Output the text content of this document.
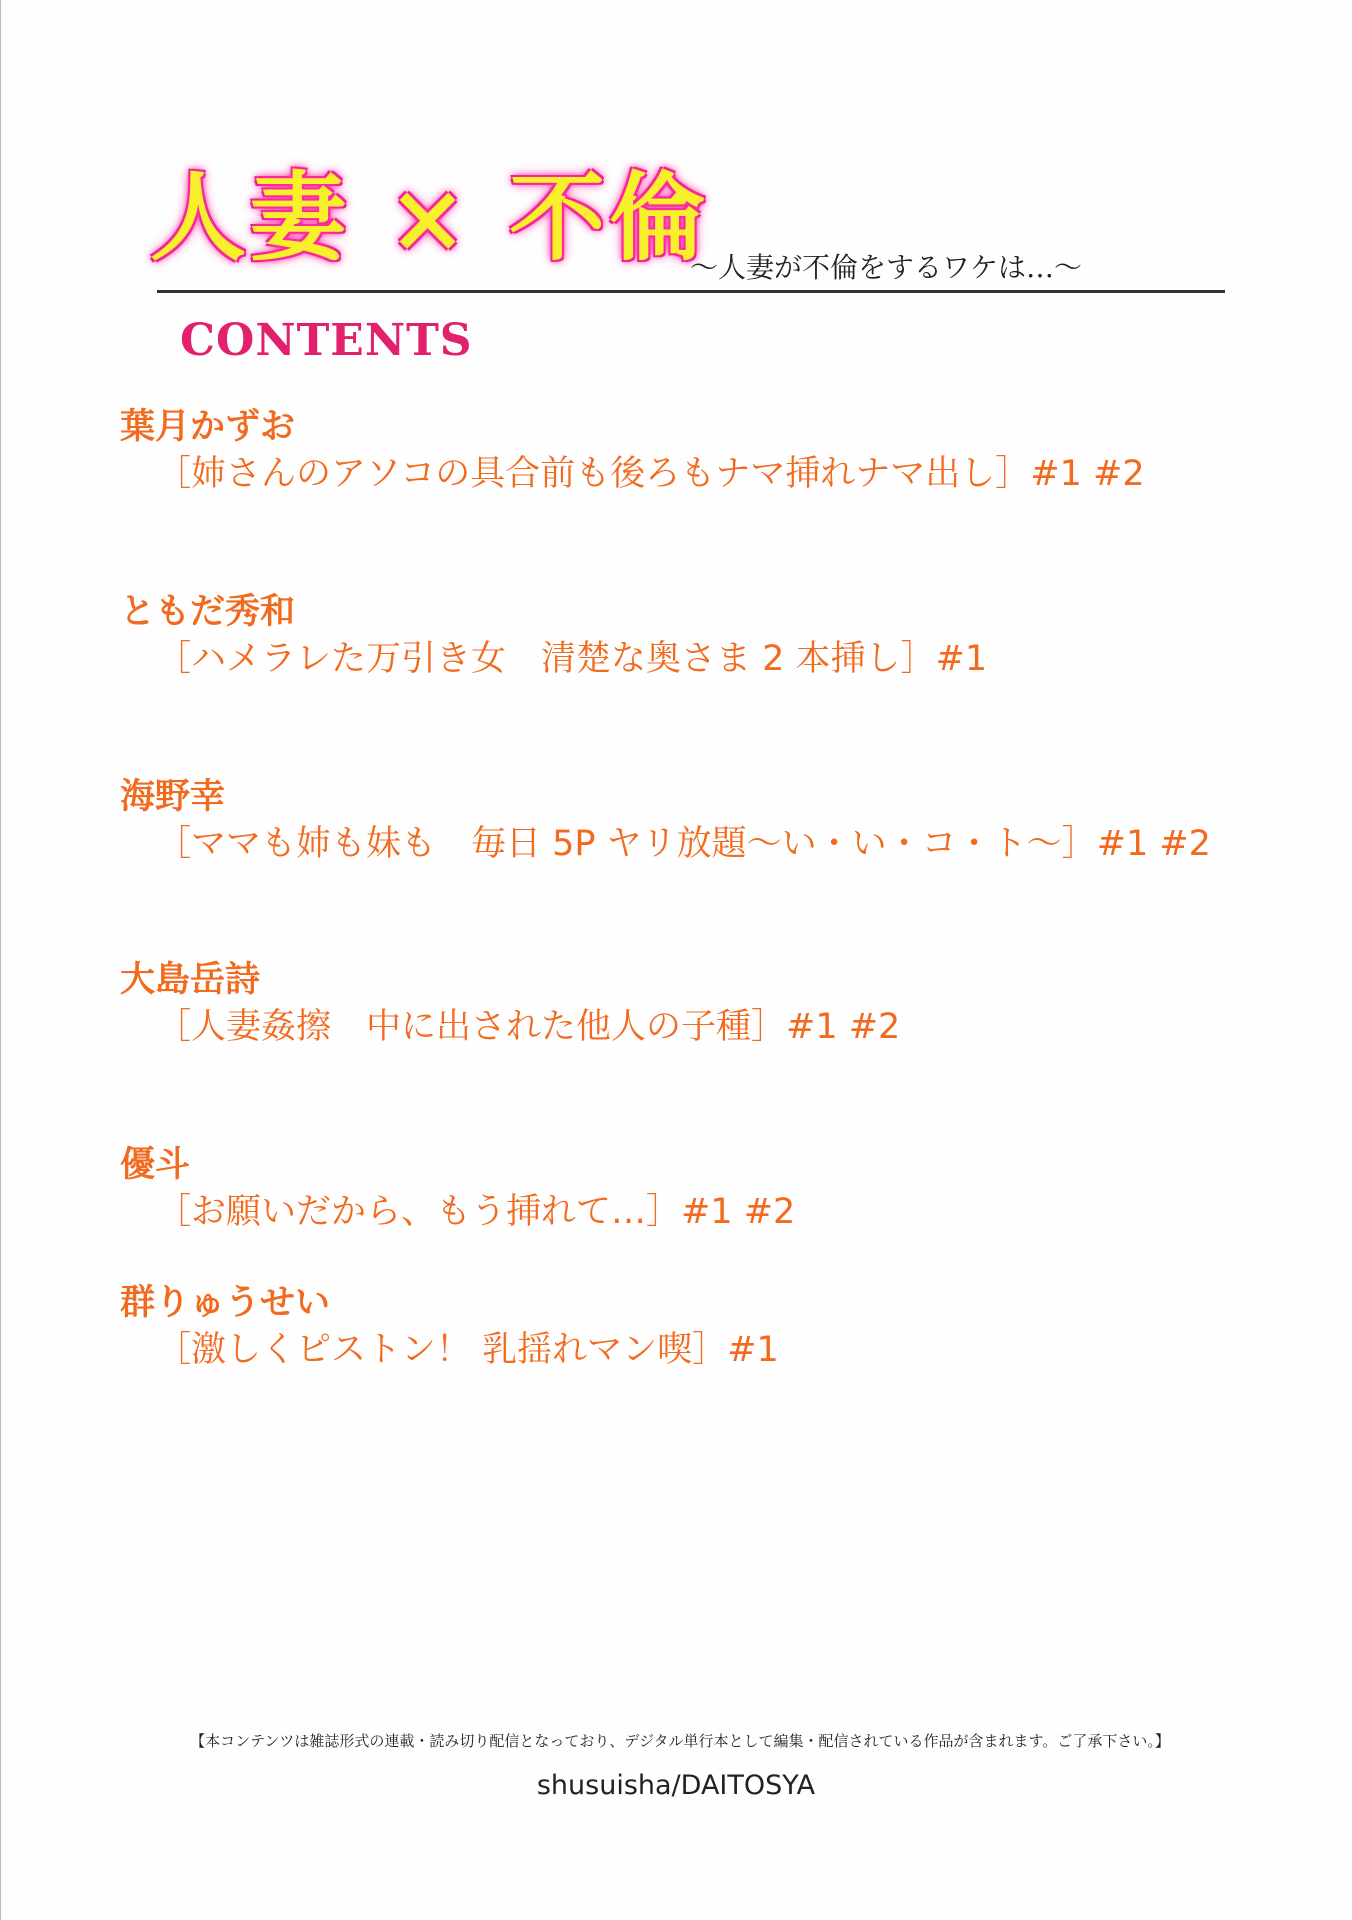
人妻 × 不倫
〜人妻が不倫をするワケは…〜
CONTENTS
葉月かずお
［姉さんのアソコの具合前も後ろもナマ挿れナマ出し］#1 #2
ともだ秀和
［ハメラレた万引き女　清楚な奥さま 2 本挿し］#1
海野幸
［ママも姉も妹も　毎日 5P ヤリ放題〜い・い・コ・ト〜］#1 #2
大島岳詩
［人妻姦擦　中に出された他人の子種］#1 #2
優斗
［お願いだから、もう挿れて…］#1 #2
群りゅうせい
［激しくピストン！ 乳揺れマン喫］#1
【本コンテンツは雑誌形式の連載・読み切り配信となっており、デジタル単行本として編集・配信されている作品が含まれます。ご了承下さい。】
shusuisha/DAITOSYA
